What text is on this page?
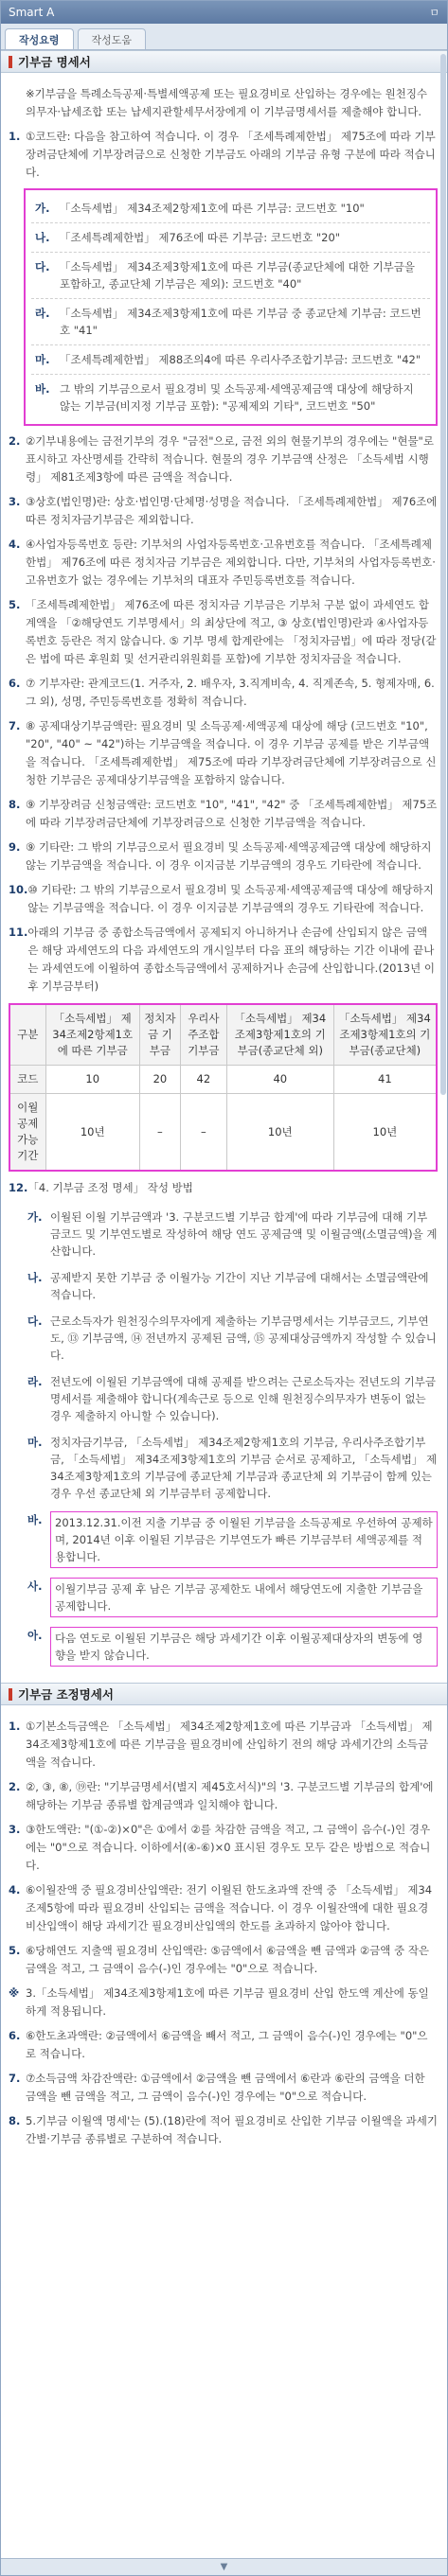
Smart A	ㅁ
작성요령	작성도움
기부금 명세서
※기부금을 특례소득공제·특별세액공제 또는 필요경비로 산입하는 경우에는 원천징수의무자·납세조합 또는 납세지관할세무서장에게 이 기부금명세서를 제출해야 합니다.
1. ①코드란: 다음을 참고하여 적습니다. 이 경우 「조세특례제한법」 제75조에 따라 기부장려금단체에 기부장려금으로 신청한 기부금도 아래의 기부금 유형 구분에 따라 적습니다.
가. 「소득세법」 제34조제2항제1호에 따른 기부금: 코드번호 "10"
나. 「조세특례제한법」 제76조에 따른 기부금: 코드번호 "20"
다. 「소득세법」 제34조제3항제1호에 따른 기부금(종교단체에 대한 기부금을 포함하고, 종교단체 기부금은 제외): 코드번호 "40"
라. 「소득세법」 제34조제3항제1호에 따른 기부금 중 종교단체 기부금: 코드번호 "41"
마. 「조세특례제한법」 제88조의4에 따른 우리사주조합기부금: 코드번호 "42"
바. 그 밖의 기부금으로서 필요경비 및 소득공제·세액공제금액 대상에 해당하지 않는 기부금(비지정 기부금 포함): "공제제외 기타", 코드번호 "50"
2. ②기부내용에는 금전기부의 경우 "금전"으로, 금전 외의 현물기부의 경우에는 "현물"로 표시하고 자산명세를 간략히 적습니다. 현물의 경우 기부금액 산정은 「소득세법 시행령」 제81조제3항에 따른 금액을 적습니다.
3. ③상호(법인명)란: 상호·법인명·단체명·성명을 적습니다. 「조세특례제한법」 제76조에 따른 정치자금기부금은 제외합니다.
4. ④사업자등록번호 등란: 기부처의 사업자등록번호·고유번호를 적습니다. 「조세특례제한법」 제76조에 따른 정치자금 기부금은 제외합니다. 다만, 기부처의 사업자등록번호·고유번호가 없는 경우에는 기부처의 대표자 주민등록번호를 적습니다.
5. 「조세특례제한법」 제76조에 따른 정치자금 기부금은 기부처 구분 없이 과세연도 합계액을 「②해당연도 기부명세서」의 최상단에 적고, ③ 상호(법인명)란과 ④사업자등록번호 등란은 적지 않습니다. ⑤ 기부 명세 합계란에는 「정치자금법」에 따라 정당(같은 법에 따른 후원회 및 선거관리위원회를 포함)에 기부한 정치자금을 적습니다.
6. ⑦ 기부자란: 관계코드(1. 거주자, 2. 배우자, 3.직계비속, 4. 직계존속, 5. 형제자매, 6. 그 외), 성명, 주민등록번호를 정확히 적습니다.
7. ⑧ 공제대상기부금액란: 필요경비 및 소득공제·세액공제 대상에 해당 (코드번호 "10", "20", "40" ~ "42")하는 기부금액을 적습니다. 이 경우 기부금 공제를 받은 기부금액을 적습니다. 「조세특례제한법」 제75조에 따라 기부장려금단체에 기부장려금으로 신청한 기부금은 공제대상기부금액을 포함하지 않습니다.
8. ⑨ 기부장려금 신청금액란: 코드번호 "10", "41", "42" 중 「조세특례제한법」 제75조에 따라 기부장려금단체에 기부장려금으로 신청한 기부금액을 적습니다.
9. ⑨ 기타란: 그 밖의 기부금으로서 필요경비 및 소득공제·세액공제금액 대상에 해당하지 않는 기부금액을 적습니다. 이 경우 이지금분 기부금액의 경우도 기타란에 적습니다.
10. ⑩ 기타란: 그 밖의 기부금으로서 필요경비 및 소득공제·세액공제금액 대상에 해당하지 않는 기부금액을 적습니다. 이 경우 이지금분 기부금액의 경우도 기타란에 적습니다.
11. 아래의 기부금 중 종합소득금액에서 공제되지 아니하거나 손금에 산입되지 않은 금액은 해당 과세연도의 다음 과세연도의 개시일부터 다음 표의 해당하는 기간 이내에 끝나는 과세연도에 이월하여 종합소득금액에서 공제하거나 손금에 산입합니다.(2013년 이후 기부금부터)
구분	「소득세법」 제34조제2항제1호에 따른 기부금	정치자금 기부금	우리사주조합기부금	「소득세법」 제34조제3항제1호의 기부금(종교단체 외)	「소득세법」 제34조제3항제1호의 기부금(종교단체)
코드	10	20	42	40	41
이월공제 가능기간	10년	–	–	10년	10년
12. 「4. 기부금 조정 명세」 작성 방법
가. 이월된 이월 기부금액과 '3. 구분코드별 기부금 합계'에 따라 기부금에 대해 기부금코드 및 기부연도별로 작성하여 해당 연도 공제금액 및 이월금액(소멸금액)을 계산합니다.
나. 공제받지 못한 기부금 중 이월가능 기간이 지난 기부금에 대해서는 소멸금액란에 적습니다.
다. 근로소득자가 원천징수의무자에게 제출하는 기부금명세서는 기부금코드, 기부연도, ⑬ 기부금액, ⑭ 전년까지 공제된 금액, ⑮ 공제대상금액까지 작성할 수 있습니다.
라. 전년도에 이월된 기부금액에 대해 공제를 받으려는 근로소득자는 전년도의 기부금명세서를 제출해야 합니다(계속근로 등으로 인해 원천징수의무자가 변동이 없는 경우 제출하지 아니할 수 있습니다).
마. 정치자금기부금, 「소득세법」 제34조제2항제1호의 기부금, 우리사주조합기부금, 「소득세법」 제34조제3항제1호의 기부금 순서로 공제하고, 「소득세법」 제34조제3항제1호의 기부금에 종교단체 기부금과 종교단체 외 기부금이 함께 있는 경우 우선 종교단체 외 기부금부터 공제합니다.
바.	2013.12.31.이전 지출 기부금 중 이월된 기부금을 소득공제로 우선하여 공제하며, 2014년 이후 이월된 기부금은 기부연도가 빠른 기부금부터 세액공제를 적용합니다.
사.	이월기부금 공제 후 남은 기부금 공제한도 내에서 해당연도에 지출한 기부금을 공제합니다.
아.	다음 연도로 이월된 기부금은 해당 과세기간 이후 이월공제대상자의 변동에 영향을 받지 않습니다.
기부금 조정명세서
1. ①기본소득금액은 「소득세법」 제34조제2항제1호에 따른 기부금과 「소득세법」 제34조제3항제1호에 따른 기부금을 필요경비에 산입하기 전의 해당 과세기간의 소득금액을 적습니다.
2. ②, ③, ⑧, ⑲란: "기부금명세서(별지 제45호서식)"의 '3. 구분코드별 기부금의 합계'에 해당하는 기부금 종류별 합계금액과 일치해야 합니다.
3. ③한도액란: "(①-②)×0"은 ①에서 ②를 차감한 금액을 적고, 그 금액이 음수(-)인 경우에는 "0"으로 적습니다. 이하에서(④-⑥)×0 표시된 경우도 모두 같은 방법으로 적습니다.
4. ⑥이월잔액 중 필요경비산입액란: 전기 이월된 한도초과액 잔액 중 「소득세법」 제34조제5항에 따라 필요경비 산입되는 금액을 적습니다. 이 경우 이월잔액에 대한 필요경비산입액이 해당 과세기간 필요경비산입액의 한도를 초과하지 않아야 합니다.
5. ⑥당해연도 지출액 필요경비 산입액란: ⑤금액에서 ⑥금액을 뺀 금액과 ②금액 중 작은 금액을 적고, 그 금액이 음수(-)인 경우에는 "0"으로 적습니다.
※ 3.「소득세법」 제34조제3항제1호에 따른 기부금 필요경비 산입 한도액 계산에 동일하게 적용됩니다.
6. ⑥한도초과액란: ②금액에서 ⑥금액을 빼서 적고, 그 금액이 음수(-)인 경우에는 "0"으로 적습니다.
7. ⑦소득금액 차감잔액란: ①금액에서 ②금액을 뺀 금액에서 ⑥란과 ⑥란의 금액을 더한 금액을 뺀 금액을 적고, 그 금액이 음수(-)인 경우에는 "0"으로 적습니다.
8. 5.기부금 이월액 명세'는 (5).(18)란에 적어 필요경비로 산입한 기부금 이월액을 과세기간별·기부금 종류별로 구분하여 적습니다.
▼
